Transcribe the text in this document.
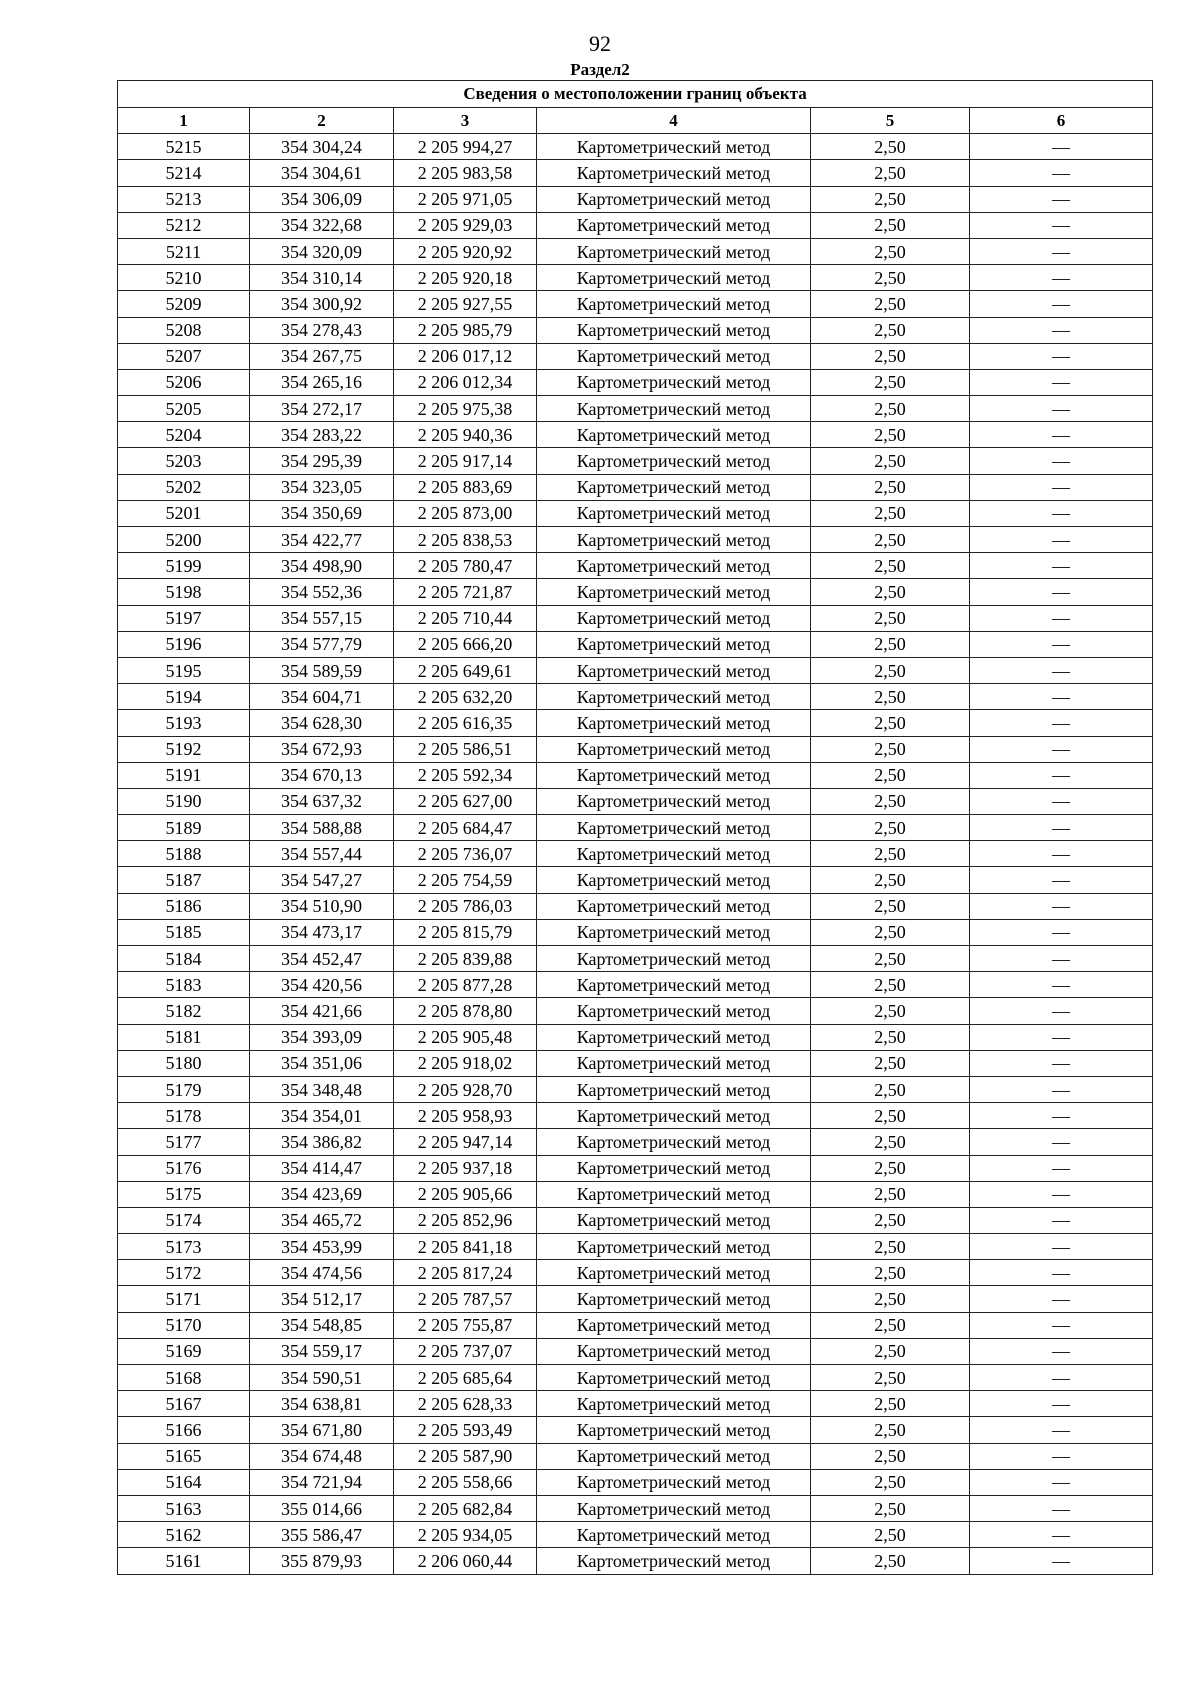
92
Раздел2
Сведения о местоположении границ объекта					
1	2	3	4	5	6
5215	354 304,24	2 205 994,27	Картометрический метод	2,50	—
5214	354 304,61	2 205 983,58	Картометрический метод	2,50	—
5213	354 306,09	2 205 971,05	Картометрический метод	2,50	—
5212	354 322,68	2 205 929,03	Картометрический метод	2,50	—
5211	354 320,09	2 205 920,92	Картометрический метод	2,50	—
5210	354 310,14	2 205 920,18	Картометрический метод	2,50	—
5209	354 300,92	2 205 927,55	Картометрический метод	2,50	—
5208	354 278,43	2 205 985,79	Картометрический метод	2,50	—
5207	354 267,75	2 206 017,12	Картометрический метод	2,50	—
5206	354 265,16	2 206 012,34	Картометрический метод	2,50	—
5205	354 272,17	2 205 975,38	Картометрический метод	2,50	—
5204	354 283,22	2 205 940,36	Картометрический метод	2,50	—
5203	354 295,39	2 205 917,14	Картометрический метод	2,50	—
5202	354 323,05	2 205 883,69	Картометрический метод	2,50	—
5201	354 350,69	2 205 873,00	Картометрический метод	2,50	—
5200	354 422,77	2 205 838,53	Картометрический метод	2,50	—
5199	354 498,90	2 205 780,47	Картометрический метод	2,50	—
5198	354 552,36	2 205 721,87	Картометрический метод	2,50	—
5197	354 557,15	2 205 710,44	Картометрический метод	2,50	—
5196	354 577,79	2 205 666,20	Картометрический метод	2,50	—
5195	354 589,59	2 205 649,61	Картометрический метод	2,50	—
5194	354 604,71	2 205 632,20	Картометрический метод	2,50	—
5193	354 628,30	2 205 616,35	Картометрический метод	2,50	—
5192	354 672,93	2 205 586,51	Картометрический метод	2,50	—
5191	354 670,13	2 205 592,34	Картометрический метод	2,50	—
5190	354 637,32	2 205 627,00	Картометрический метод	2,50	—
5189	354 588,88	2 205 684,47	Картометрический метод	2,50	—
5188	354 557,44	2 205 736,07	Картометрический метод	2,50	—
5187	354 547,27	2 205 754,59	Картометрический метод	2,50	—
5186	354 510,90	2 205 786,03	Картометрический метод	2,50	—
5185	354 473,17	2 205 815,79	Картометрический метод	2,50	—
5184	354 452,47	2 205 839,88	Картометрический метод	2,50	—
5183	354 420,56	2 205 877,28	Картометрический метод	2,50	—
5182	354 421,66	2 205 878,80	Картометрический метод	2,50	—
5181	354 393,09	2 205 905,48	Картометрический метод	2,50	—
5180	354 351,06	2 205 918,02	Картометрический метод	2,50	—
5179	354 348,48	2 205 928,70	Картометрический метод	2,50	—
5178	354 354,01	2 205 958,93	Картометрический метод	2,50	—
5177	354 386,82	2 205 947,14	Картометрический метод	2,50	—
5176	354 414,47	2 205 937,18	Картометрический метод	2,50	—
5175	354 423,69	2 205 905,66	Картометрический метод	2,50	—
5174	354 465,72	2 205 852,96	Картометрический метод	2,50	—
5173	354 453,99	2 205 841,18	Картометрический метод	2,50	—
5172	354 474,56	2 205 817,24	Картометрический метод	2,50	—
5171	354 512,17	2 205 787,57	Картометрический метод	2,50	—
5170	354 548,85	2 205 755,87	Картометрический метод	2,50	—
5169	354 559,17	2 205 737,07	Картометрический метод	2,50	—
5168	354 590,51	2 205 685,64	Картометрический метод	2,50	—
5167	354 638,81	2 205 628,33	Картометрический метод	2,50	—
5166	354 671,80	2 205 593,49	Картометрический метод	2,50	—
5165	354 674,48	2 205 587,90	Картометрический метод	2,50	—
5164	354 721,94	2 205 558,66	Картометрический метод	2,50	—
5163	355 014,66	2 205 682,84	Картометрический метод	2,50	—
5162	355 586,47	2 205 934,05	Картометрический метод	2,50	—
5161	355 879,93	2 206 060,44	Картометрический метод	2,50	—
